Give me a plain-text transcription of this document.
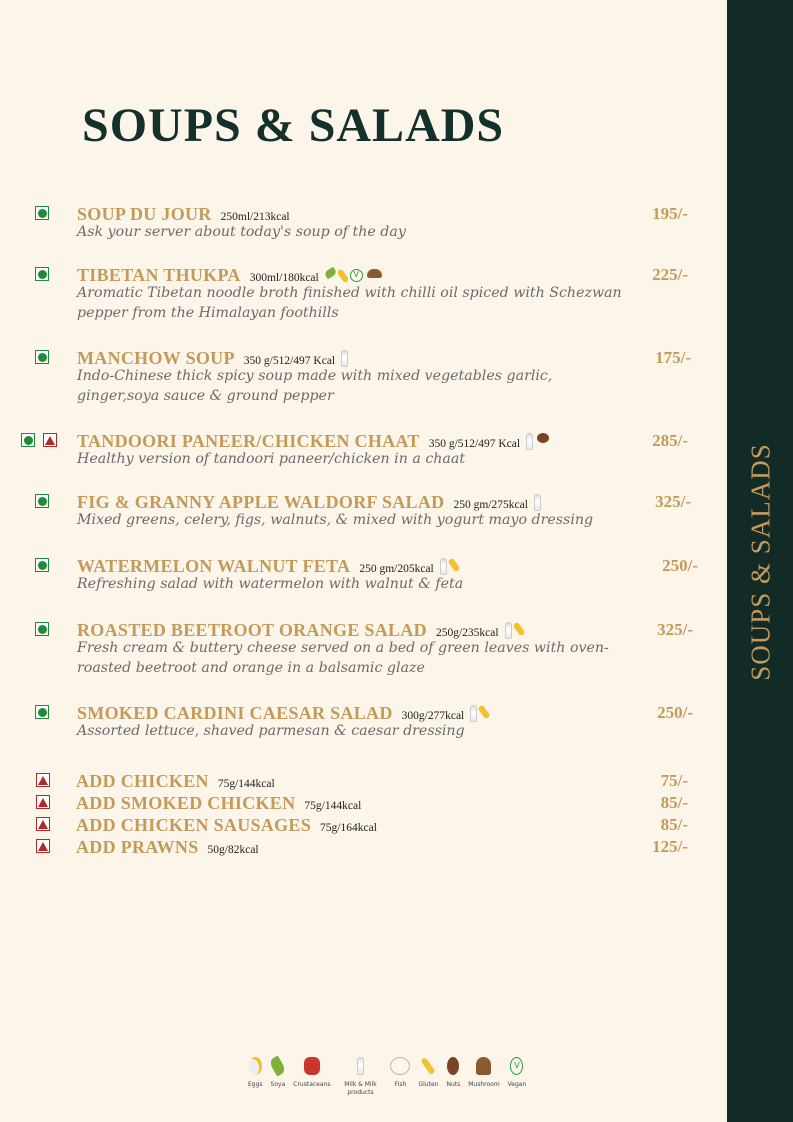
SOUPS & SALADS
SOUPS & SALADS
SOUP DU JOUR 250ml/213kcal
Ask your server about today's soup of the day
195/-
TIBETAN THUKPA 300ml/180kcal	V
Aromatic Tibetan noodle broth finished with chilli oil spiced with Schezwan pepper from the Himalayan foothills
225/-
MANCHOW SOUP 350 g/512/497 Kcal
Indo-Chinese thick spicy soup made with mixed vegetables garlic, ginger,soya sauce & ground pepper
175/-
TANDOORI PANEER/CHICKEN CHAAT 350 g/512/497 Kcal
Healthy version of tandoori paneer/chicken in a chaat
285/-
FIG & GRANNY APPLE WALDORF SALAD 250 gm/275kcal
Mixed greens, celery, figs, walnuts, & mixed with yogurt mayo dressing
325/-
WATERMELON WALNUT FETA 250 gm/205kcal
Refreshing salad with watermelon with walnut & feta
250/-
ROASTED BEETROOT ORANGE SALAD 250g/235kcal
Fresh cream & buttery cheese served on a bed of green leaves with oven-roasted beetroot and orange in a balsamic glaze
325/-
SMOKED CARDINI CAESAR SALAD 300g/277kcal
Assorted lettuce, shaved parmesan & caesar dressing
250/-
ADD CHICKEN 75g/144kcal	75/-
ADD SMOKED CHICKEN 75g/144kcal	85/-
ADD CHICKEN SAUSAGES 75g/164kcal	85/-
ADD PRAWNS 50g/82kcal	125/-
Eggs Soya Crustaceans	Milk & Milk products
Fish Gluten Nuts Mushroom
V
Vegan
